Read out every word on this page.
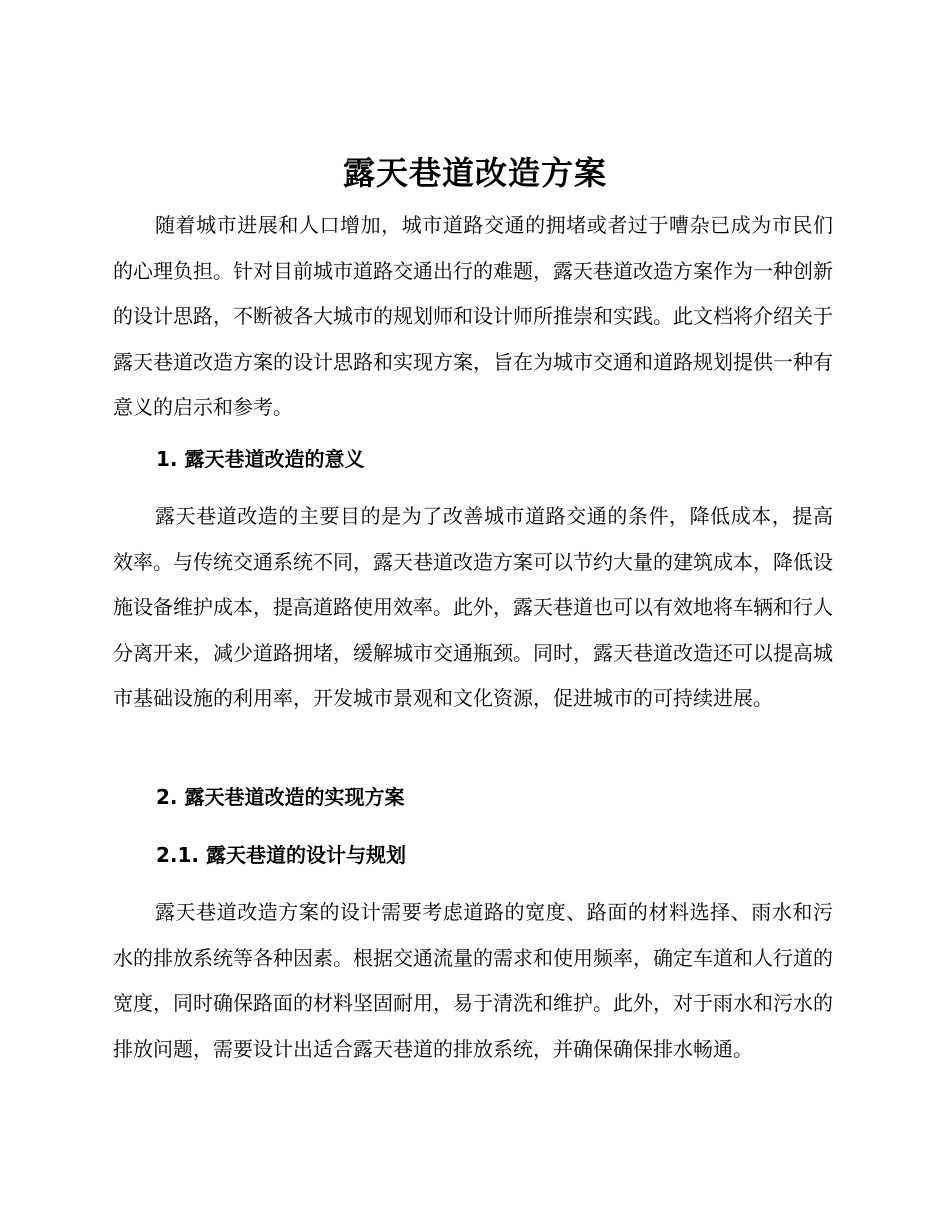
露天巷道改造方案

随着城市进展和人口增加，城市道路交通的拥堵或者过于嘈杂已成为市民们的心理负担。针对目前城市道路交通出行的难题，露天巷道改造方案作为一种创新的设计思路，不断被各大城市的规划师和设计师所推崇和实践。此文档将介绍关于露天巷道改造方案的设计思路和实现方案，旨在为城市交通和道路规划提供一种有意义的启示和参考。

1. 露天巷道改造的意义

露天巷道改造的主要目的是为了改善城市道路交通的条件，降低成本，提高效率。与传统交通系统不同，露天巷道改造方案可以节约大量的建筑成本，降低设施设备维护成本，提高道路使用效率。此外，露天巷道也可以有效地将车辆和行人分离开来，减少道路拥堵，缓解城市交通瓶颈。同时，露天巷道改造还可以提高城市基础设施的利用率，开发城市景观和文化资源，促进城市的可持续进展。

2. 露天巷道改造的实现方案
2.1. 露天巷道的设计与规划

露天巷道改造方案的设计需要考虑道路的宽度、路面的材料选择、雨水和污水的排放系统等各种因素。根据交通流量的需求和使用频率，确定车道和人行道的宽度，同时确保路面的材料坚固耐用，易于清洗和维护。此外，对于雨水和污水的排放问题，需要设计出适合露天巷道的排放系统，并确保确保排水畅通。
